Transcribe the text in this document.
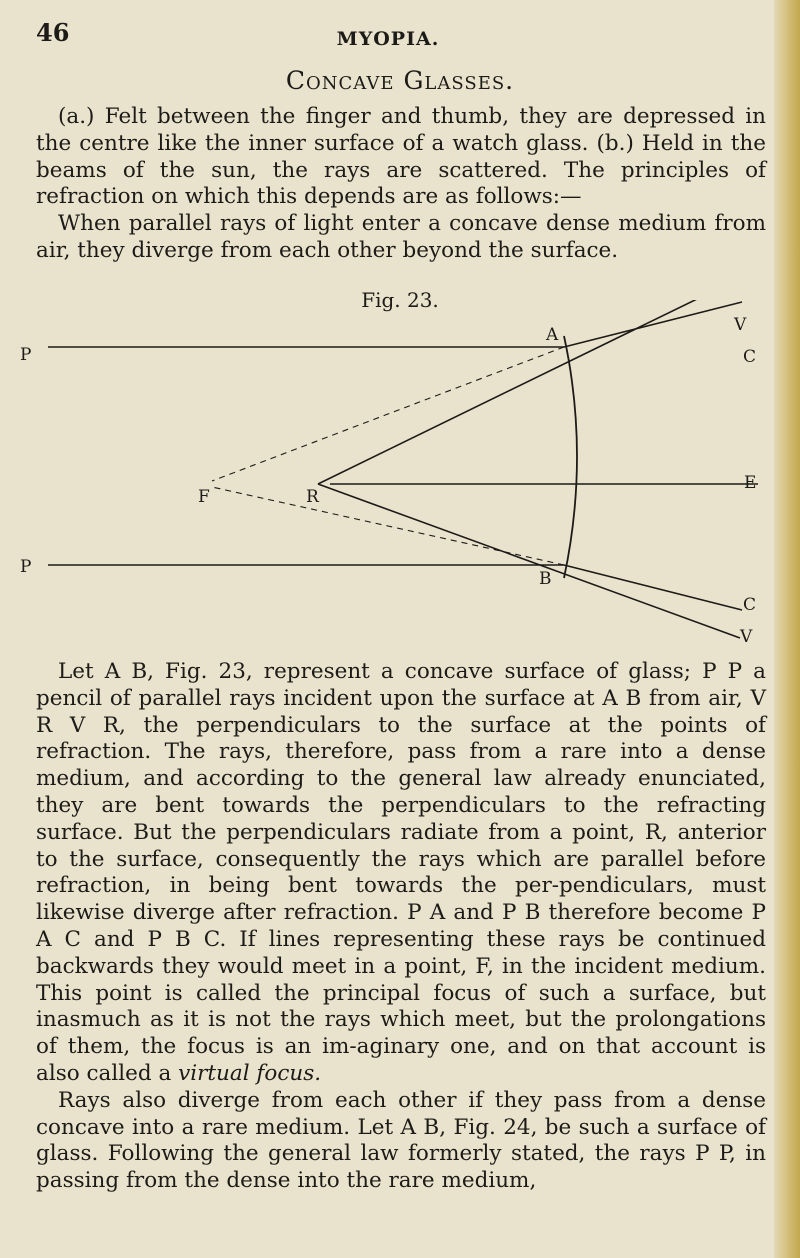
46	MYOPIA.
Concave Glasses.

(a.) Felt between the finger and thumb, they are depressed in the centre like the inner surface of a watch glass. (b.) Held in the beams of the sun, the rays are scattered. The principles of refraction on which this depends are as follows:—

When parallel rays of light enter a concave dense medium from air, they diverge from each other beyond the surface.

Fig. 23.
P
P
A
B
F	R
E
C
C
V
V

Let A B, Fig. 23, represent a concave surface of glass; P P a pencil of parallel rays incident upon the surface at A B from air, V R V R, the perpendiculars to the surface at the points of refraction. The rays, therefore, pass from a rare into a dense medium, and according to the general law already enunciated, they are bent towards the perpendiculars to the refracting surface. But the perpendiculars radiate from a point, R, anterior to the surface, consequently the rays which are parallel before refraction, in being bent towards the per-pendiculars, must likewise diverge after refraction. P A and P B therefore become P A C and P B C. If lines representing these rays be continued backwards they would meet in a point, F, in the incident medium. This point is called the principal focus of such a surface, but inasmuch as it is not the rays which meet, but the prolongations of them, the focus is an im-aginary one, and on that account is also called a virtual focus.

Rays also diverge from each other if they pass from a dense concave into a rare medium. Let A B, Fig. 24, be such a surface of glass. Following the general law formerly stated, the rays P P, in passing from the dense into the rare medium,
